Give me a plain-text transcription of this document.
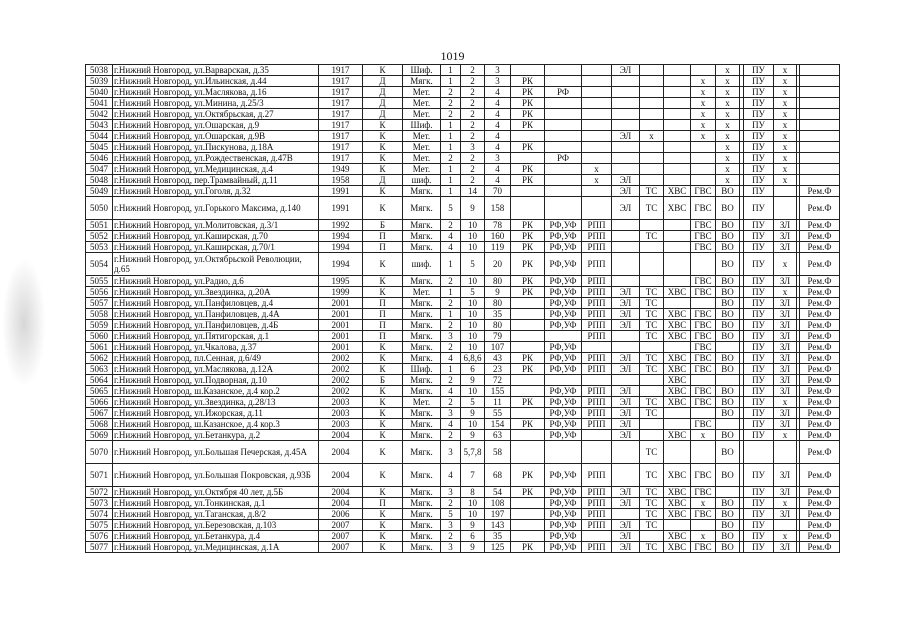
1019
5038	г.Нижний Новгород, ул.Варварская, д.35	1917	К	Шиф.	1	2	3				ЭЛ				х		ПУ	х		
5039	г.Нижний Новгород, ул.Ильинская, д.44	1917	Д	Мягк.	1	2	3	РК						х	х		ПУ	х		
5040	г.Нижний Новгород, ул.Маслякова, д.16	1917	Д	Мет.	2	2	4	РК	РФ					х	х		ПУ	х		
5041	г.Нижний Новгород, ул.Минина, д.25/3	1917	Д	Мет.	2	2	4	РК						х	х		ПУ	х		
5042	г.Нижний Новгород, ул.Октябрьская, д.27	1917	Д	Мет.	2	2	4	РК						х	х		ПУ	х		
5043	г.Нижний Новгород, ул.Ошарская, д.9	1917	К	Шиф.	1	2	4	РК						х	х		ПУ	х		
5044	г.Нижний Новгород, ул.Ошарская, д.9В	1917	К	Мет.	1	2	4				ЭЛ	х		х	х		ПУ	х		
5045	г.Нижний Новгород, ул.Пискунова, д.18А	1917	К	Мет.	1	3	4	РК							х		ПУ	х		
5046	г.Нижний Новгород, ул.Рождественская, д.47В	1917	К	Мет.	2	2	3		РФ						х		ПУ	х		
5047	г.Нижний Новгород, ул.Медицинская, д.4	1949	К	Мет.	1	2	4	РК		х					х		ПУ	х		
5048	г.Нижний Новгород, пер.Трамвайный, д.11	1958	Д	шиф.	1	2	4	РК		х	ЭЛ				х		ПУ	х		
5049	г.Нижний Новгород, ул.Гоголя, д.32	1991	К	Мягк.	1	14	70				ЭЛ	ТС	ХВС	ГВС	ВО		ПУ			Рем.Ф
5050	г.Нижний Новгород, ул.Горького Максима, д.140	1991	К	Мягк.	5	9	158				ЭЛ	ТС	ХВС	ГВС	ВО		ПУ			Рем.Ф
5051	г.Нижний Новгород, ул.Молитовская, д.3/1	1992	Б	Мягк.	2	10	78	РК	РФ,УФ	РПП				ГВС	ВО		ПУ	ЗЛ		Рем.Ф
5052	г.Нижний Новгород, ул.Каширская, д.70	1994	П	Мягк.	4	10	160	РК	РФ,УФ	РПП		ТС		ГВС	ВО		ПУ	ЗЛ		Рем.Ф
5053	г.Нижний Новгород, ул.Каширская, д.70/1	1994	П	Мягк.	4	10	119	РК	РФ,УФ	РПП				ГВС	ВО		ПУ	ЗЛ		Рем.Ф
5054	г.Нижний Новгород, ул.Октябрьской Революции, д.65	1994	К	шиф.	1	5	20	РК	РФ,УФ	РПП					ВО		ПУ	х		Рем.Ф
5055	г.Нижний Новгород, ул.Радио, д.6	1995	К	Мягк.	2	10	80	РК	РФ,УФ	РПП				ГВС	ВО		ПУ	ЗЛ		Рем.Ф
5056	г.Нижний Новгород, ул.Звездинка, д.20А	1999	К	Мет.	1	5	9	РК	РФ,УФ	РПП	ЭЛ	ТС	ХВС	ГВС	ВО		ПУ	х		Рем.Ф
5057	г.Нижний Новгород, ул.Панфиловцев, д.4	2001	П	Мягк.	2	10	80		РФ,УФ	РПП	ЭЛ	ТС			ВО		ПУ	ЗЛ		Рем.Ф
5058	г.Нижний Новгород, ул.Панфиловцев, д.4А	2001	П	Мягк.	1	10	35		РФ,УФ	РПП	ЭЛ	ТС	ХВС	ГВС	ВО		ПУ	ЗЛ		Рем.Ф
5059	г.Нижний Новгород, ул.Панфиловцев, д.4Б	2001	П	Мягк.	2	10	80		РФ,УФ	РПП	ЭЛ	ТС	ХВС	ГВС	ВО		ПУ	ЗЛ		Рем.Ф
5060	г.Нижний Новгород, ул.Пятигорская, д.1	2001	П	Мягк.	3	10	79			РПП		ТС	ХВС	ГВС	ВО		ПУ	ЗЛ		Рем.Ф
5061	г.Нижний Новгород, ул.Чкалова, д.37	2001	К	Мягк.	2	10	107		РФ,УФ					ГВС			ПУ	ЗЛ		Рем.Ф
5062	г.Нижний Новгород, пл.Сенная, д.6/49	2002	К	Мягк.	4	6,8,6	43	РК	РФ,УФ	РПП	ЭЛ	ТС	ХВС	ГВС	ВО		ПУ	ЗЛ		Рем.Ф
5063	г.Нижний Новгород, ул.Маслякова, д.12А	2002	К	Шиф.	1	6	23	РК	РФ,УФ	РПП	ЭЛ	ТС	ХВС	ГВС	ВО		ПУ	ЗЛ		Рем.Ф
5064	г.Нижний Новгород, ул.Подворная, д.10	2002	Б	Мягк.	2	9	72						ХВС				ПУ	ЗЛ		Рем.Ф
5065	г.Нижний Новгород, ш.Казанское, д.4 кор.2	2002	К	Мягк.	4	10	155		РФ,УФ	РПП	ЭЛ		ХВС	ГВС	ВО		ПУ	ЗЛ		Рем.Ф
5066	г.Нижний Новгород, ул.Звездинка, д.28/13	2003	К	Мет.	2	5	11	РК	РФ,УФ	РПП	ЭЛ	ТС	ХВС	ГВС	ВО		ПУ	х		Рем.Ф
5067	г.Нижний Новгород, ул.Ижорская, д.11	2003	К	Мягк.	3	9	55		РФ,УФ	РПП	ЭЛ	ТС			ВО		ПУ	ЗЛ		Рем.Ф
5068	г.Нижний Новгород, ш.Казанское, д.4 кор.3	2003	К	Мягк.	4	10	154	РК	РФ,УФ	РПП	ЭЛ			ГВС			ПУ	ЗЛ		Рем.Ф
5069	г.Нижний Новгород, ул.Бетанкура, д.2	2004	К	Мягк.	2	9	63		РФ,УФ		ЭЛ		ХВС	х	ВО		ПУ	х		Рем.Ф
5070	г.Нижний Новгород, ул.Большая Печерская, д.45А	2004	К	Мягк.	3	5,7,8	58					ТС			ВО					Рем.Ф
5071	г.Нижний Новгород, ул.Большая Покровская, д.93Б	2004	К	Мягк.	4	7	68	РК	РФ,УФ	РПП		ТС	ХВС	ГВС	ВО		ПУ	ЗЛ		Рем.Ф
5072	г.Нижний Новгород, ул.Октября 40 лет, д.5Б	2004	К	Мягк.	3	8	54	РК	РФ,УФ	РПП	ЭЛ	ТС	ХВС	ГВС			ПУ	ЗЛ		Рем.Ф
5073	г.Нижний Новгород, ул.Тонкинская, д.1	2004	П	Мягк.	2	10	108		РФ,УФ	РПП	ЭЛ	ТС	ХВС	х	ВО		ПУ	х		Рем.Ф
5074	г.Нижний Новгород, ул.Таганская, д.8/2	2006	К	Мягк.	5	10	197		РФ,УФ	РПП		ТС	ХВС	ГВС	ВО		ПУ	ЗЛ		Рем.Ф
5075	г.Нижний Новгород, ул.Березовская, д.103	2007	К	Мягк.	3	9	143		РФ,УФ	РПП	ЭЛ	ТС			ВО		ПУ			Рем.Ф
5076	г.Нижний Новгород, ул.Бетанкура, д.4	2007	К	Мягк.	2	6	35		РФ,УФ		ЭЛ		ХВС	х	ВО		ПУ	х		Рем.Ф
5077	г.Нижний Новгород, ул.Медицинская, д.1А	2007	К	Мягк.	3	9	125	РК	РФ,УФ	РПП	ЭЛ	ТС	ХВС	ГВС	ВО		ПУ	ЗЛ		Рем.Ф
